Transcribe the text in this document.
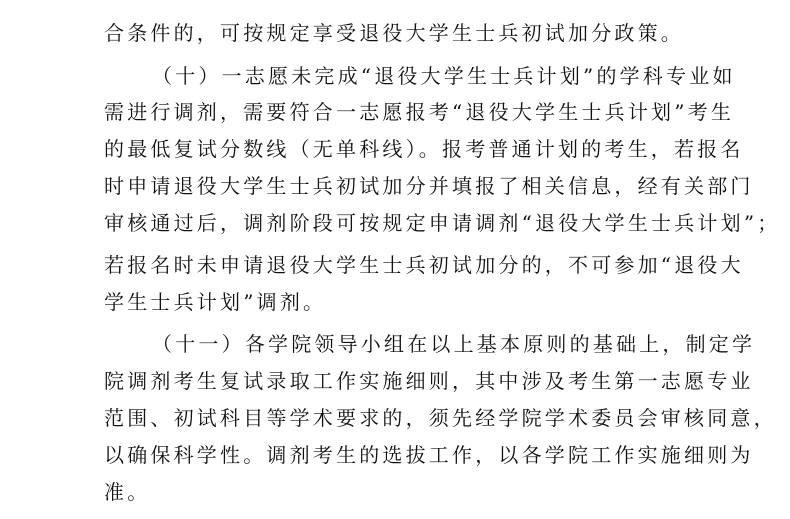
合条件的，可按规定享受退役大学生士兵初试加分政策。
（十）一志愿未完成“退役大学生士兵计划”的学科专业如
需进行调剂，需要符合一志愿报考“退役大学生士兵计划”考生
的最低复试分数线（无单科线）。报考普通计划的考生，若报名
时申请退役大学生士兵初试加分并填报了相关信息，经有关部门
审核通过后，调剂阶段可按规定申请调剂“退役大学生士兵计划”；
若报名时未申请退役大学生士兵初试加分的，不可参加“退役大
学生士兵计划”调剂。
（十一）各学院领导小组在以上基本原则的基础上，制定学
院调剂考生复试录取工作实施细则，其中涉及考生第一志愿专业
范围、初试科目等学术要求的，须先经学院学术委员会审核同意，
以确保科学性。调剂考生的选拔工作，以各学院工作实施细则为
准。
